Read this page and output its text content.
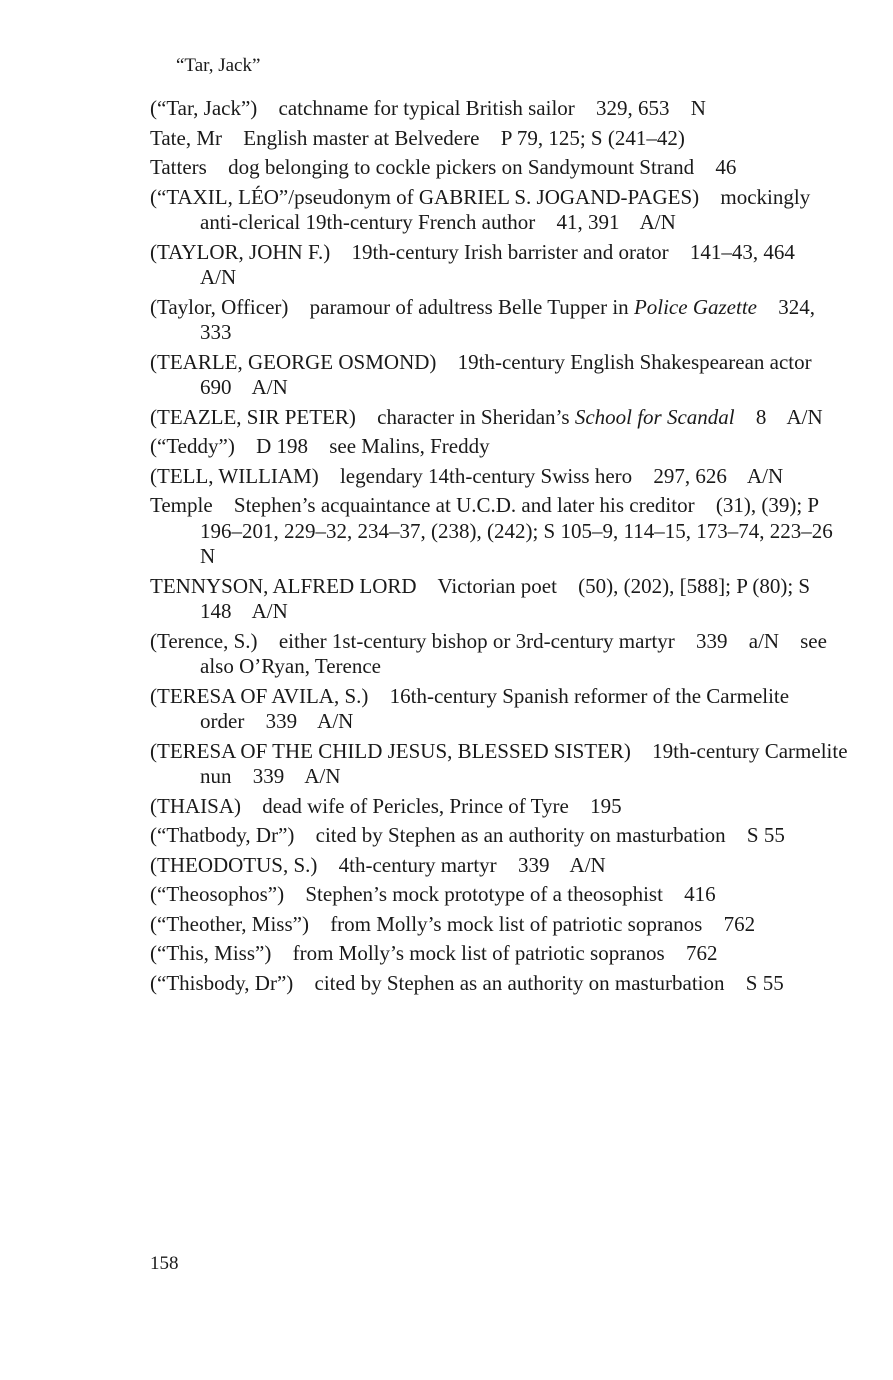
“Tar, Jack”

(“Tar, Jack”) catchname for typical British sailor 329, 653 N

Tate, Mr English master at Belvedere P 79, 125; S (241–42)

Tatters dog belonging to cockle pickers on Sandymount Strand 46

(“TAXIL, LÉO”/pseudonym of GABRIEL S. JOGAND-PAGES) mockingly anti-clerical 19th-century French author 41, 391 A/N

(TAYLOR, JOHN F.) 19th-century Irish barrister and orator 141–43, 464 A/N

(Taylor, Officer) paramour of adultress Belle Tupper in Police Gazette 324, 333

(TEARLE, GEORGE OSMOND) 19th-century English Shakespearean actor 690 A/N

(TEAZLE, SIR PETER) character in Sheridan’s School for Scandal 8 A/N

(“Teddy”) D 198 see Malins, Freddy

(TELL, WILLIAM) legendary 14th-century Swiss hero 297, 626 A/N

Temple Stephen’s acquaintance at U.C.D. and later his creditor (31), (39); P 196–201, 229–32, 234–37, (238), (242); S 105–9, 114–15, 173–74, 223–26 N

TENNYSON, ALFRED LORD Victorian poet (50), (202), [588]; P (80); S 148 A/N

(Terence, S.) either 1st-century bishop or 3rd-century martyr 339 a/N see also O’Ryan, Terence

(TERESA OF AVILA, S.) 16th-century Spanish reformer of the Carmelite order 339 A/N

(TERESA OF THE CHILD JESUS, BLESSED SISTER) 19th-century Carmelite nun 339 A/N

(THAISA) dead wife of Pericles, Prince of Tyre 195

(“Thatbody, Dr”) cited by Stephen as an authority on masturbation S 55

(THEODOTUS, S.) 4th-century martyr 339 A/N

(“Theosophos”) Stephen’s mock prototype of a theosophist 416

(“Theother, Miss”) from Molly’s mock list of patriotic sopranos 762

(“This, Miss”) from Molly’s mock list of patriotic sopranos 762

(“Thisbody, Dr”) cited by Stephen as an authority on masturbation S 55

158
